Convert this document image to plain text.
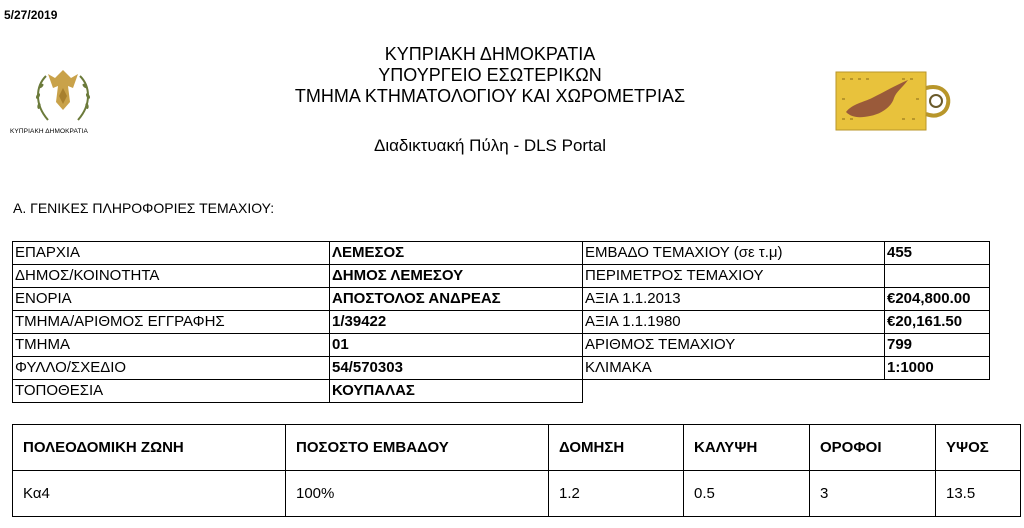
5/27/2019
ΚΥΠΡΙΑΚΗ ΔΗΜΟΚΡΑΤΙΑ
ΚΥΠΡΙΑΚΗ ΔΗΜΟΚΡΑΤΙΑ
ΥΠΟΥΡΓΕΙΟ ΕΣΩΤΕΡΙΚΩΝ
ΤΜΗΜΑ ΚΤΗΜΑΤΟΛΟΓΙΟΥ ΚΑΙ ΧΩΡΟΜΕΤΡΙΑΣ
Διαδικτυακή Πύλη - DLS Portal
Α. ΓΕΝΙΚΕΣ ΠΛΗΡΟΦΟΡΙΕΣ ΤΕΜΑΧΙΟΥ:
ΕΠΑΡΧΙΑ	ΛΕΜΕΣΟΣ	ΕΜΒΑΔΟ ΤΕΜΑΧΙΟΥ (σε τ.μ)	455
ΔΗΜΟΣ/ΚΟΙΝΟΤΗΤΑ	ΔΗΜΟΣ ΛΕΜΕΣΟΥ	ΠΕΡΙΜΕΤΡΟΣ ΤΕΜΑΧΙΟΥ	
ΕΝΟΡΙΑ	ΑΠΟΣΤΟΛΟΣ ΑΝΔΡΕΑΣ	ΑΞΙΑ 1.1.2013	€204,800.00
ΤΜΗΜΑ/ΑΡΙΘΜΟΣ ΕΓΓΡΑΦΗΣ	1/39422	ΑΞΙΑ 1.1.1980	€20,161.50
ΤΜΗΜΑ	01	ΑΡΙΘΜΟΣ ΤΕΜΑΧΙΟΥ	799
ΦΥΛΛΟ/ΣΧΕΔΙΟ	54/570303	ΚΛΙΜΑΚΑ	1:1000
ΤΟΠΟΘΕΣΙΑ	ΚΟΥΠΑΛΑΣ		
ΠΟΛΕΟΔΟΜΙΚΗ ΖΩΝΗ	ΠΟΣΟΣΤΟ ΕΜΒΑΔΟΥ	ΔΟΜΗΣΗ	ΚΑΛΥΨΗ	ΟΡΟΦΟΙ	ΥΨΟΣ
Κα4	100%	1.2	0.5	3	13.5
